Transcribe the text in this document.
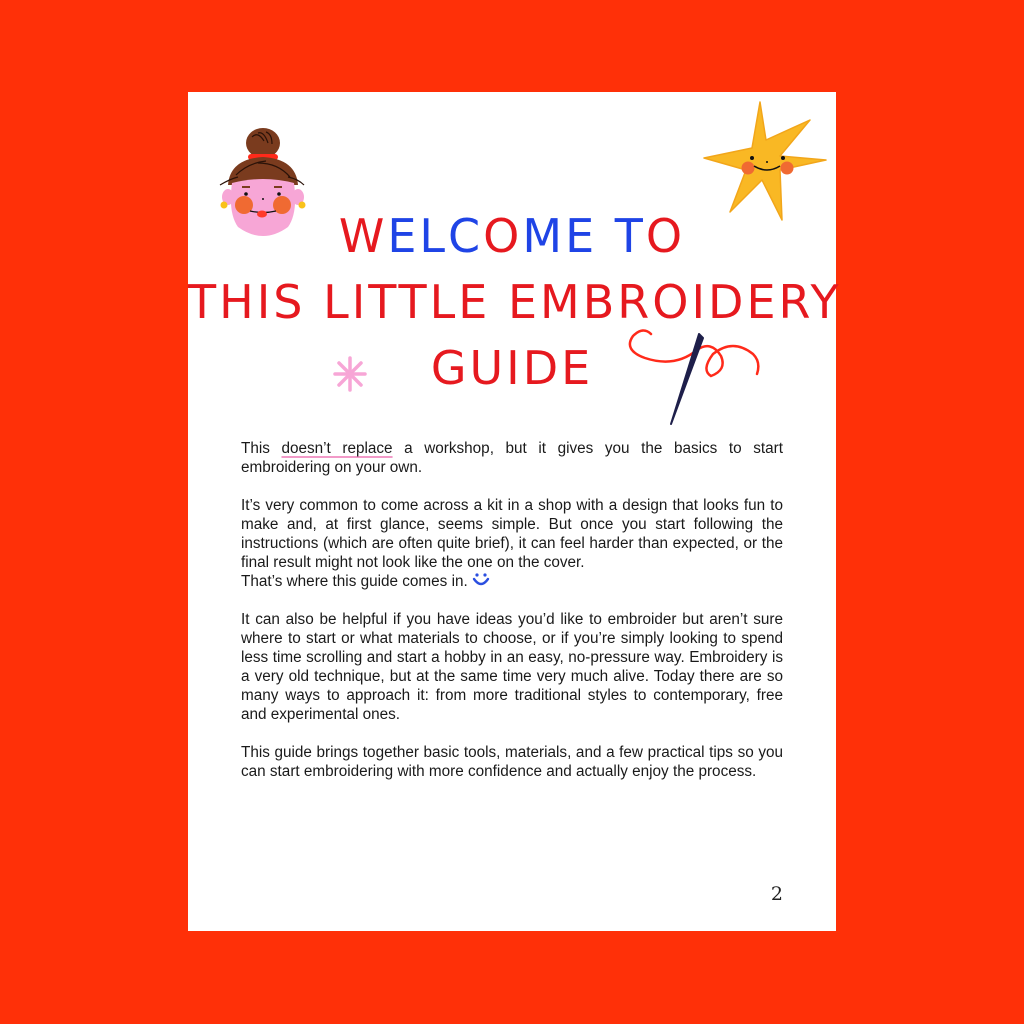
WELCOME TO
THIS LITTLE EMBROIDERY
GUIDE

This doesn’t replace a workshop, but it gives you the basics to start embroidering on your own.

It’s very common to come across a kit in a shop with a design that looks fun to make and, at first glance, seems simple. But once you start following the instructions (which are often quite brief), it can feel harder than expected, or the final result might not look like the one on the cover.
That’s where this guide comes in.

It can also be helpful if you have ideas you’d like to embroider but aren’t sure where to start or what materials to choose, or if you’re simply looking to spend less time scrolling and start a hobby in an easy, no-pressure way. Embroidery is a very old technique, but at the same time very much alive. Today there are so many ways to approach it: from more traditional styles to contemporary, free and experimental ones.

This guide brings together basic tools, materials, and a few practical tips so you can start embroidering with more confidence and actually enjoy the process.

2
